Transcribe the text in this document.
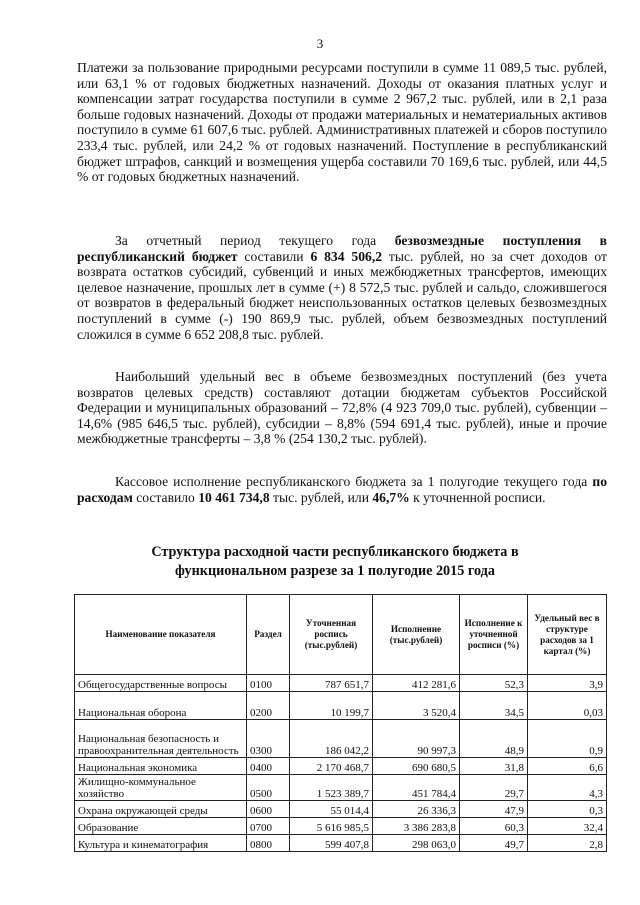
3

Платежи за пользование природными ресурсами поступили в сумме 11 089,5 тыс. рублей, или 63,1 % от годовых бюджетных назначений. Доходы от оказания платных услуг и компенсации затрат государства поступили в сумме 2 967,2 тыс. рублей, или в 2,1 раза больше годовых назначений. Доходы от продажи материальных и нематериальных активов поступило в сумме 61 607,6 тыс. рублей. Административных платежей и сборов поступило 233,4 тыс. рублей, или 24,2 % от годовых назначений. Поступление в республиканский бюджет штрафов, санкций и возмещения ущерба составили 70 169,6 тыс. рублей, или 44,5 % от годовых бюджетных назначений.

За отчетный период текущего года безвозмездные поступления в республиканский бюджет составили 6 834 506,2 тыс. рублей, но за счет доходов от возврата остатков субсидий, субвенций и иных межбюджетных трансфертов, имеющих целевое назначение, прошлых лет в сумме (+) 8 572,5 тыс. рублей и сальдо, сложившегося от возвратов в федеральный бюджет неиспользованных остатков целевых безвозмездных поступлений в сумме (-) 190 869,9 тыс. рублей, объем безвозмездных поступлений сложился в сумме 6 652 208,8 тыс. рублей.

Наибольший удельный вес в объеме безвозмездных поступлений (без учета возвратов целевых средств) составляют дотации бюджетам субъектов Российской Федерации и муниципальных образований – 72,8% (4 923 709,0 тыс. рублей), субвенции – 14,6% (985 646,5 тыс. рублей), субсидии – 8,8% (594 691,4 тыс. рублей), иные и прочие межбюджетные трансферты – 3,8 % (254 130,2 тыс. рублей).

Кассовое исполнение республиканского бюджета за 1 полугодие текущего года по расходам составило 10 461 734,8 тыс. рублей, или 46,7% к уточненной росписи.

Структура расходной части республиканского бюджета в
функциональном разрезе за 1 полугодие 2015 года
Наименование показателя	Раздел	Уточненная роспись (тыс.рублей)	Исполнение (тыс.рублей)	Исполнение к уточненной росписи (%)	Удельный вес в структуре расходов за 1 картал (%)
Общегосударственные вопросы	0100	787 651,7	412 281,6	52,3	3,9
Национальная оборона	0200	10 199,7	3 520,4	34,5	0,03
Национальная безопасность и правоохранительная деятельность	0300	186 042,2	90 997,3	48,9	0,9
Национальная экономика	0400	2 170 468,7	690 680,5	31,8	6,6
Жилищно-коммунальное хозяйство	0500	1 523 389,7	451 784,4	29,7	4,3
Охрана окружающей среды	0600	55 014,4	26 336,3	47,9	0,3
Образование	0700	5 616 985,5	3 386 283,8	60,3	32,4
Культура и кинематография	0800	599 407,8	298 063,0	49,7	2,8
